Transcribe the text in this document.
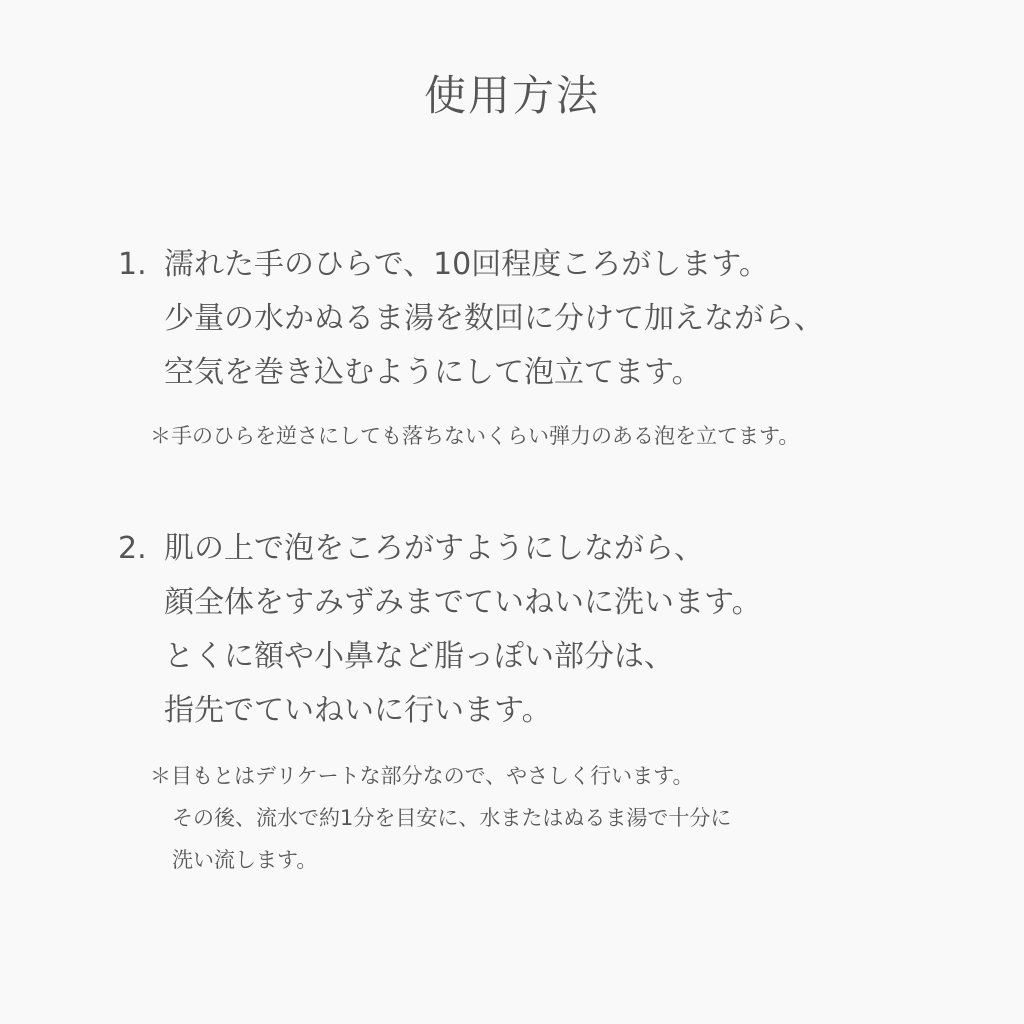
使用方法
1. 濡れた手のひらで、10回程度ころがします。
少量の水かぬるま湯を数回に分けて加えながら、
空気を巻き込むようにして泡立てます。
＊手のひらを逆さにしても落ちないくらい弾力のある泡を立てます。
2. 肌の上で泡をころがすようにしながら、
顔全体をすみずみまでていねいに洗います。
とくに額や小鼻など脂っぽい部分は、
指先でていねいに行います。
＊目もとはデリケートな部分なので、やさしく行います。
その後、流水で約1分を目安に、水またはぬるま湯で十分に
洗い流します。
